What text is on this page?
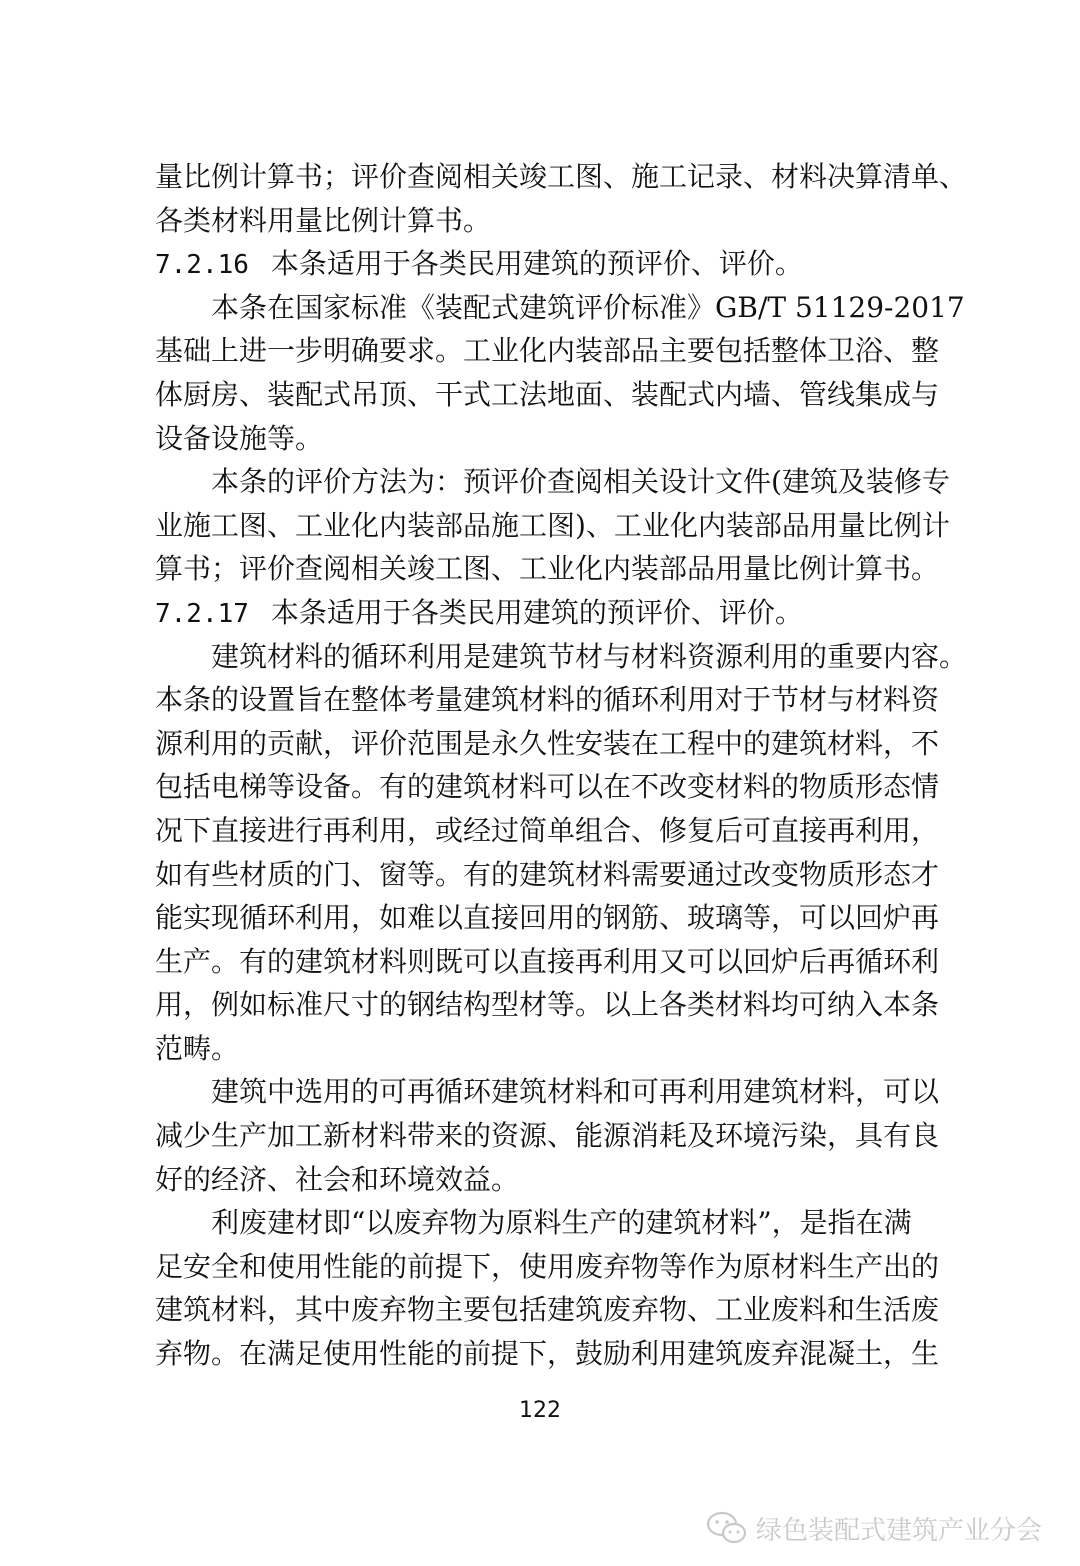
量比例计算书；评价查阅相关竣工图、施工记录、材料决算清单、
各类材料用量比例计算书。

7.2.16 本条适用于各类民用建筑的预评价、评价。

本条在国家标准《装配式建筑评价标准》GB/T 51129-2017
基础上进一步明确要求。工业化内装部品主要包括整体卫浴、整
体厨房、装配式吊顶、干式工法地面、装配式内墙、管线集成与
设备设施等。

本条的评价方法为：预评价查阅相关设计文件(建筑及装修专
业施工图、工业化内装部品施工图)、工业化内装部品用量比例计
算书；评价查阅相关竣工图、工业化内装部品用量比例计算书。

7.2.17 本条适用于各类民用建筑的预评价、评价。

建筑材料的循环利用是建筑节材与材料资源利用的重要内容。
本条的设置旨在整体考量建筑材料的循环利用对于节材与材料资
源利用的贡献，评价范围是永久性安装在工程中的建筑材料，不
包括电梯等设备。有的建筑材料可以在不改变材料的物质形态情
况下直接进行再利用，或经过简单组合、修复后可直接再利用，
如有些材质的门、窗等。有的建筑材料需要通过改变物质形态才
能实现循环利用，如难以直接回用的钢筋、玻璃等，可以回炉再
生产。有的建筑材料则既可以直接再利用又可以回炉后再循环利
用，例如标准尺寸的钢结构型材等。以上各类材料均可纳入本条
范畴。

建筑中选用的可再循环建筑材料和可再利用建筑材料，可以
减少生产加工新材料带来的资源、能源消耗及环境污染，具有良
好的经济、社会和环境效益。

利废建材即“以废弃物为原料生产的建筑材料”，是指在满
足安全和使用性能的前提下，使用废弃物等作为原材料生产出的
建筑材料，其中废弃物主要包括建筑废弃物、工业废料和生活废
弃物。在满足使用性能的前提下，鼓励利用建筑废弃混凝土，生

122
绿色装配式建筑产业分会
